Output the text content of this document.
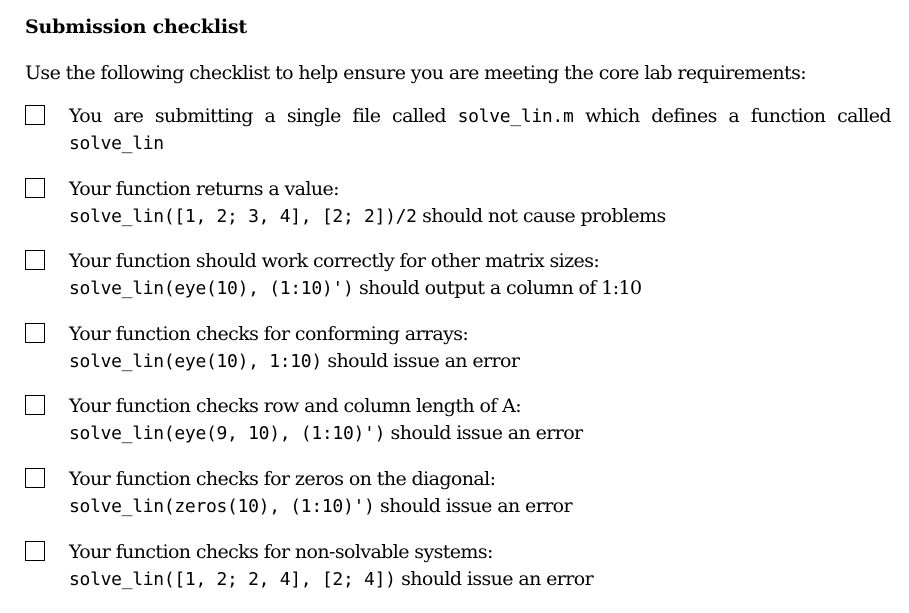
Submission checklist
Use the following checklist to help ensure you are meeting the core lab requirements:
You are submitting a single file called solve_lin.m which defines a function called
solve_lin
Your function returns a value:
solve_lin([1, 2; 3, 4], [2; 2])/2 should not cause problems
Your function should work correctly for other matrix sizes:
solve_lin(eye(10), (1:10)') should output a column of 1:10
Your function checks for conforming arrays:
solve_lin(eye(10), 1:10) should issue an error
Your function checks row and column length of A:
solve_lin(eye(9, 10), (1:10)') should issue an error
Your function checks for zeros on the diagonal:
solve_lin(zeros(10), (1:10)') should issue an error
Your function checks for non-solvable systems:
solve_lin([1, 2; 2, 4], [2; 4]) should issue an error
